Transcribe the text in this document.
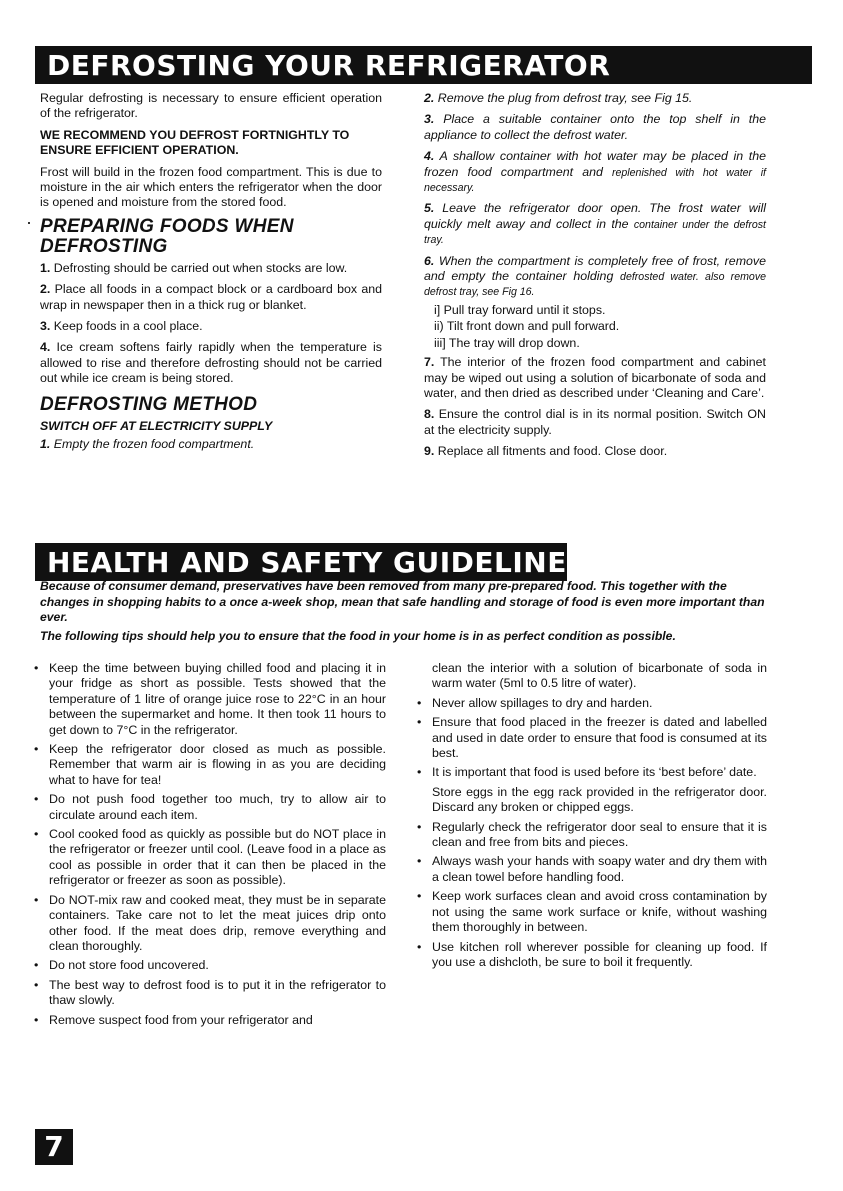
DEFROSTING YOUR REFRIGERATOR

Regular defrosting is necessary to ensure efficient operation of the refrigerator.

WE RECOMMEND YOU DEFROST FORTNIGHTLY TO ENSURE EFFICIENT OPERATION.

Frost will build in the frozen food compartment. This is due to moisture in the air which enters the refrigerator when the door is opened and moisture from the stored food.

PREPARING FOODS WHEN DEFROSTING

1. Defrosting should be carried out when stocks are low.

2. Place all foods in a compact block or a cardboard box and wrap in newspaper then in a thick rug or blanket.

3. Keep foods in a cool place.

4. Ice cream softens fairly rapidly when the temperature is allowed to rise and therefore defrosting should not be carried out while ice cream is being stored.

DEFROSTING METHOD

SWITCH OFF AT ELECTRICITY SUPPLY

1. Empty the frozen food compartment.

2. Remove the plug from defrost tray, see Fig 15.

3. Place a suitable container onto the top shelf in the appliance to collect the defrost water.

4. A shallow container with hot water may be placed in the frozen food compartment and replenished with hot water if necessary.

5. Leave the refrigerator door open. The frost water will quickly melt away and collect in the container under the defrost tray.

6. When the compartment is completely free of frost, remove and empty the container holding defrosted water. also remove defrost tray, see Fig 16.

i] Pull tray forward until it stops.
ii) Tilt front down and pull forward.
iii] The tray will drop down.

7. The interior of the frozen food compartment and cabinet may be wiped out using a solution of bicarbonate of soda and water, and then dried as described under ‘Cleaning and Care’.

8. Ensure the control dial is in its normal position. Switch ON at the electricity supply.

9. Replace all fitments and food. Close door.

HEALTH AND SAFETY GUIDELINES

Because of consumer demand, preservatives have been removed from many pre-prepared food. This together with the changes in shopping habits to a once a-week shop, mean that safe handling and storage of food is even more important than ever.

The following tips should help you to ensure that the food in your home is in as perfect condition as possible.

• Keep the time between buying chilled food and placing it in your fridge as short as possible. Tests showed that the temperature of 1 litre of orange juice rose to 22°C in an hour between the supermarket and home. It then took 11 hours to get down to 7°C in the refrigerator.
• Keep the refrigerator door closed as much as possible. Remember that warm air is flowing in as you are deciding what to have for tea!
• Do not push food together too much, try to allow air to circulate around each item.
• Cool cooked food as quickly as possible but do NOT place in the refrigerator or freezer until cool. (Leave food in a place as cool as possible in order that it can then be placed in the refrigerator or freezer as soon as possible).
• Do NOT-mix raw and cooked meat, they must be in separate containers. Take care not to let the meat juices drip onto other food. If the meat does drip, remove everything and clean thoroughly.
• Do not store food uncovered.
• The best way to defrost food is to put it in the refrigerator to thaw slowly.
• Remove suspect food from your refrigerator and
clean the interior with a solution of bicarbonate of soda in warm water (5ml to 0.5 litre of water).
• Never allow spillages to dry and harden.
• Ensure that food placed in the freezer is dated and labelled and used in date order to ensure that food is consumed at its best.
• It is important that food is used before its ‘best before’ date.
Store eggs in the egg rack provided in the refrigerator door. Discard any broken or chipped eggs.
• Regularly check the refrigerator door seal to ensure that it is clean and free from bits and pieces.
• Always wash your hands with soapy water and dry them with a clean towel before handling food.
• Keep work surfaces clean and avoid cross contamination by not using the same work surface or knife, without washing them thoroughly in between.
• Use kitchen roll wherever possible for cleaning up food. If you use a dishcloth, be sure to boil it frequently.
7
